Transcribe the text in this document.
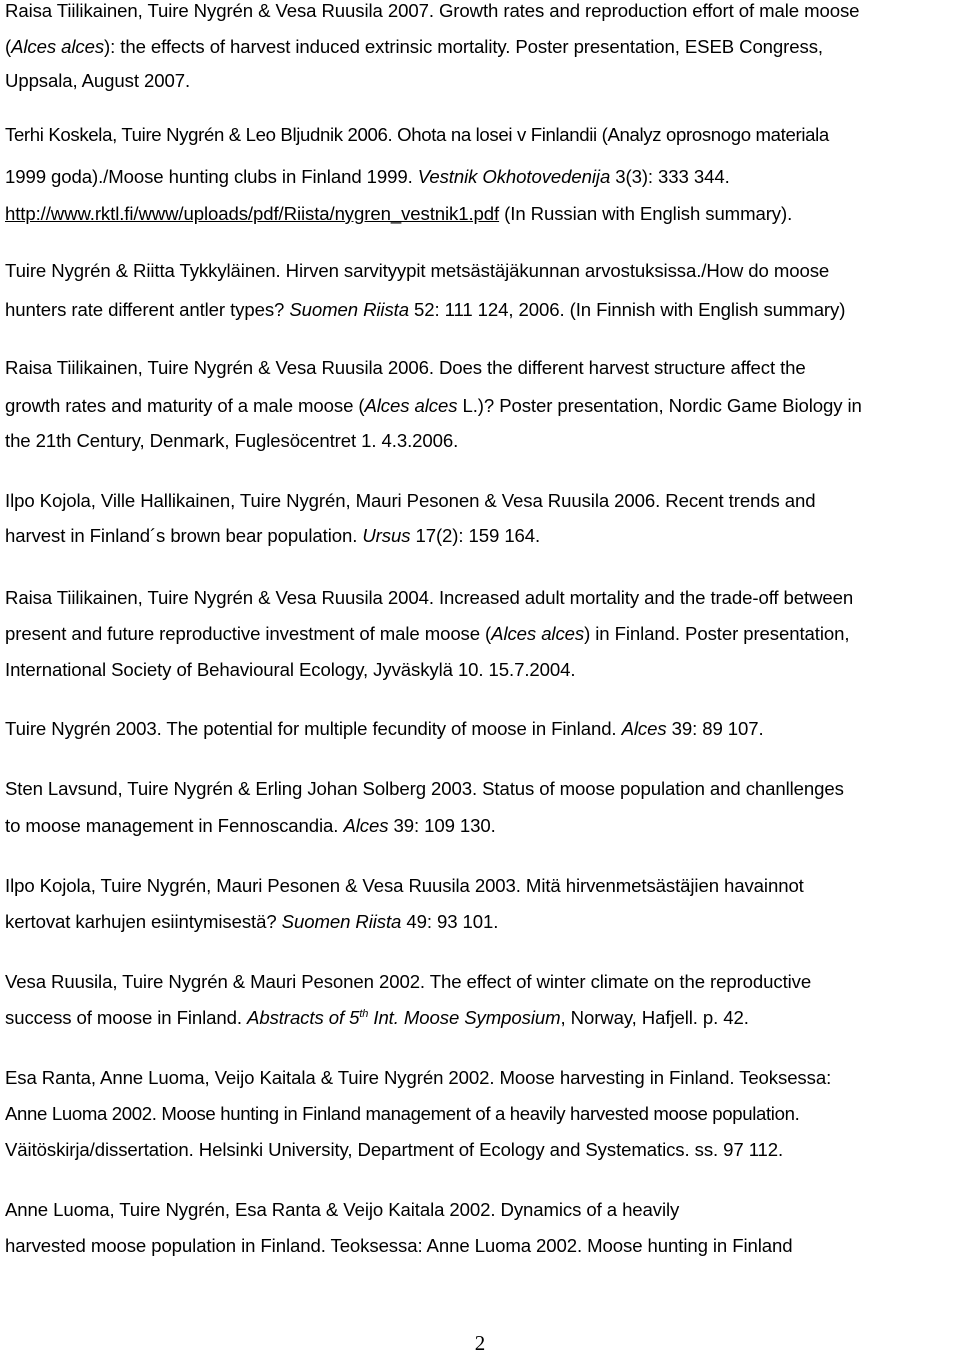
Raisa Tiilikainen, Tuire Nygrén & Vesa Ruusila 2007. Growth rates and reproduction effort of male moose
(Alces alces): the effects of harvest induced extrinsic mortality. Poster presentation, ESEB Congress,
Uppsala, August 2007.
Terhi Koskela, Tuire Nygrén & Leo Bljudnik 2006. Ohota na losei v Finlandii (Analyz oprosnogo materiala
1999 goda)./Moose hunting clubs in Finland 1999. Vestnik Okhotovedenija 3(3): 333 344.
http://www.rktl.fi/www/uploads/pdf/Riista/nygren_vestnik1.pdf (In Russian with English summary).
Tuire Nygrén & Riitta Tykkyläinen. Hirven sarvityypit metsästäjäkunnan arvostuksissa./How do moose
hunters rate different antler types? Suomen Riista 52: 111 124, 2006. (In Finnish with English summary)
Raisa Tiilikainen, Tuire Nygrén & Vesa Ruusila 2006. Does the different harvest structure affect the
growth rates and maturity of a male moose (Alces alces L.)? Poster presentation, Nordic Game Biology in
the 21th Century, Denmark, Fuglesöcentret 1. 4.3.2006.
Ilpo Kojola, Ville Hallikainen, Tuire Nygrén, Mauri Pesonen & Vesa Ruusila 2006. Recent trends and
harvest in Finland´s brown bear population. Ursus 17(2): 159 164.
Raisa Tiilikainen, Tuire Nygrén & Vesa Ruusila 2004. Increased adult mortality and the trade-off between
present and future reproductive investment of male moose (Alces alces) in Finland. Poster presentation,
International Society of Behavioural Ecology, Jyväskylä 10. 15.7.2004.
Tuire Nygrén 2003. The potential for multiple fecundity of moose in Finland. Alces 39: 89 107.
Sten Lavsund, Tuire Nygrén & Erling Johan Solberg 2003. Status of moose population and chanllenges
to moose management in Fennoscandia. Alces 39: 109 130.
Ilpo Kojola, Tuire Nygrén, Mauri Pesonen & Vesa Ruusila 2003. Mitä hirvenmetsästäjien havainnot
kertovat karhujen esiintymisestä? Suomen Riista 49: 93 101.
Vesa Ruusila, Tuire Nygrén & Mauri Pesonen 2002. The effect of winter climate on the reproductive
success of moose in Finland. Abstracts of 5th Int. Moose Symposium, Norway, Hafjell. p. 42.
Esa Ranta, Anne Luoma, Veijo Kaitala & Tuire Nygrén 2002. Moose harvesting in Finland. Teoksessa:
Anne Luoma 2002. Moose hunting in Finland management of a heavily harvested moose population.
Väitöskirja/dissertation. Helsinki University, Department of Ecology and Systematics. ss. 97 112.
Anne Luoma, Tuire Nygrén, Esa Ranta & Veijo Kaitala 2002. Dynamics of a heavily
harvested moose population in Finland. Teoksessa: Anne Luoma 2002. Moose hunting in Finland
2
